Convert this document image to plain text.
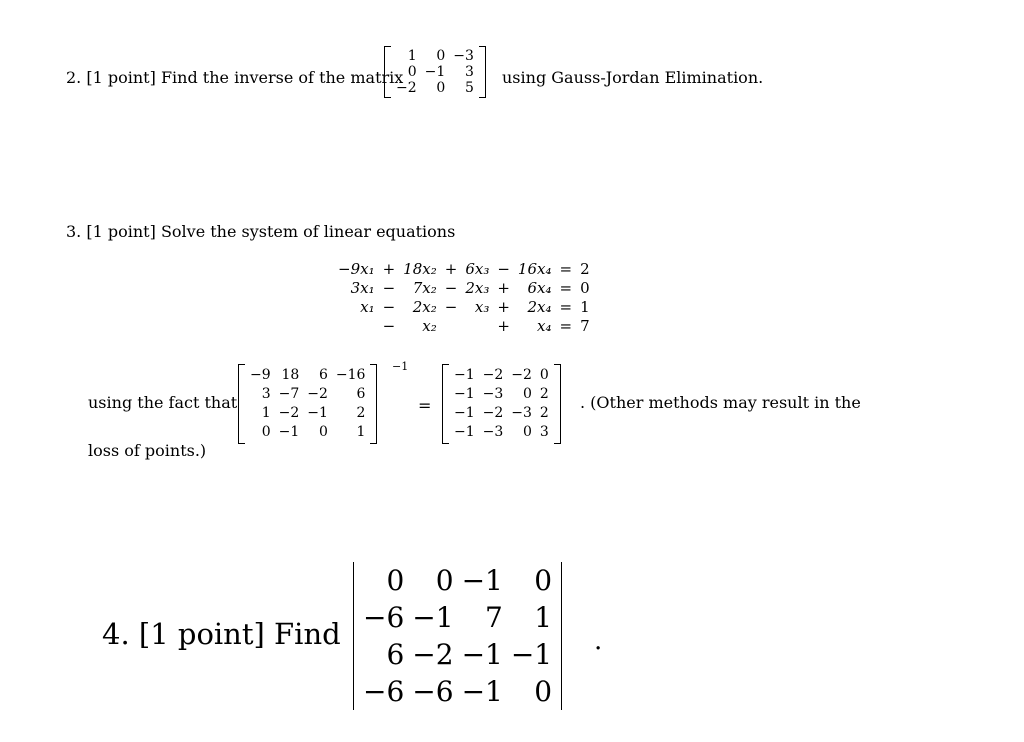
2. [1 point] Find the inverse of the matrix
1	0	−3
0	−1	3
−2	0	5
using Gauss-Jordan Elimination.
3. [1 point] Solve the system of linear equations
−9x₁	+	18x₂	+	6x₃	−	16x₄	=	2
3x₁	−	7x₂	−	2x₃	+	6x₄	=	0
x₁	−	2x₂	−	x₃	+	2x₄	=	1
	−	x₂			+	x₄	=	7
using the fact that
−9	18	6	−16
3	−7	−2	6
1	−2	−1	2
0	−1	0	1
−1
=
−1	−2	−2	0
−1	−3	0	2
−1	−2	−3	2
−1	−3	0	3
. (Other methods may result in the
loss of points.)
4. [1 point] Find
0	0	−1	0
−6	−1	7	1
6	−2	−1	−1
−6	−6	−1	0
.
